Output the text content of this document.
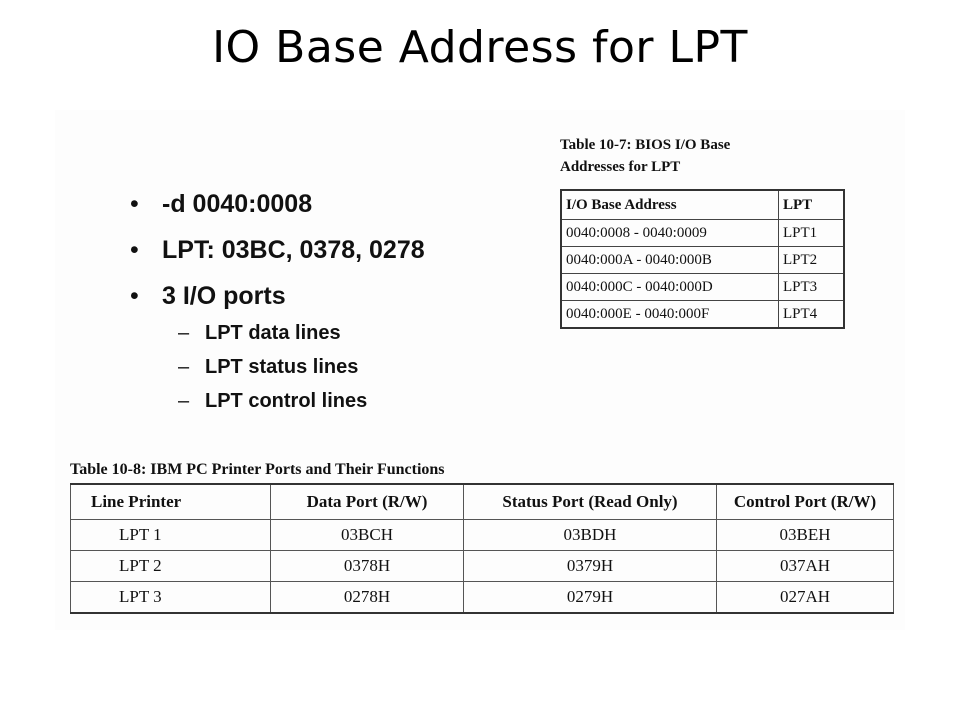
IO Base Address for LPT
• -d 0040:0008
• LPT: 03BC, 0378, 0278
• 3 I/O ports
– LPT data lines
– LPT status lines
– LPT control lines
Table 10-7: BIOS I/O Base
Addresses for LPT
I/O Base Address	LPT
0040:0008 - 0040:0009	LPT1
0040:000A - 0040:000B	LPT2
0040:000C - 0040:000D	LPT3
0040:000E - 0040:000F	LPT4
Table 10-8: IBM PC Printer Ports and Their Functions
Line Printer	Data Port (R/W)	Status Port (Read Only)	Control Port (R/W)
LPT 1	03BCH	03BDH	03BEH
LPT 2	0378H	0379H	037AH
LPT 3	0278H	0279H	027AH
